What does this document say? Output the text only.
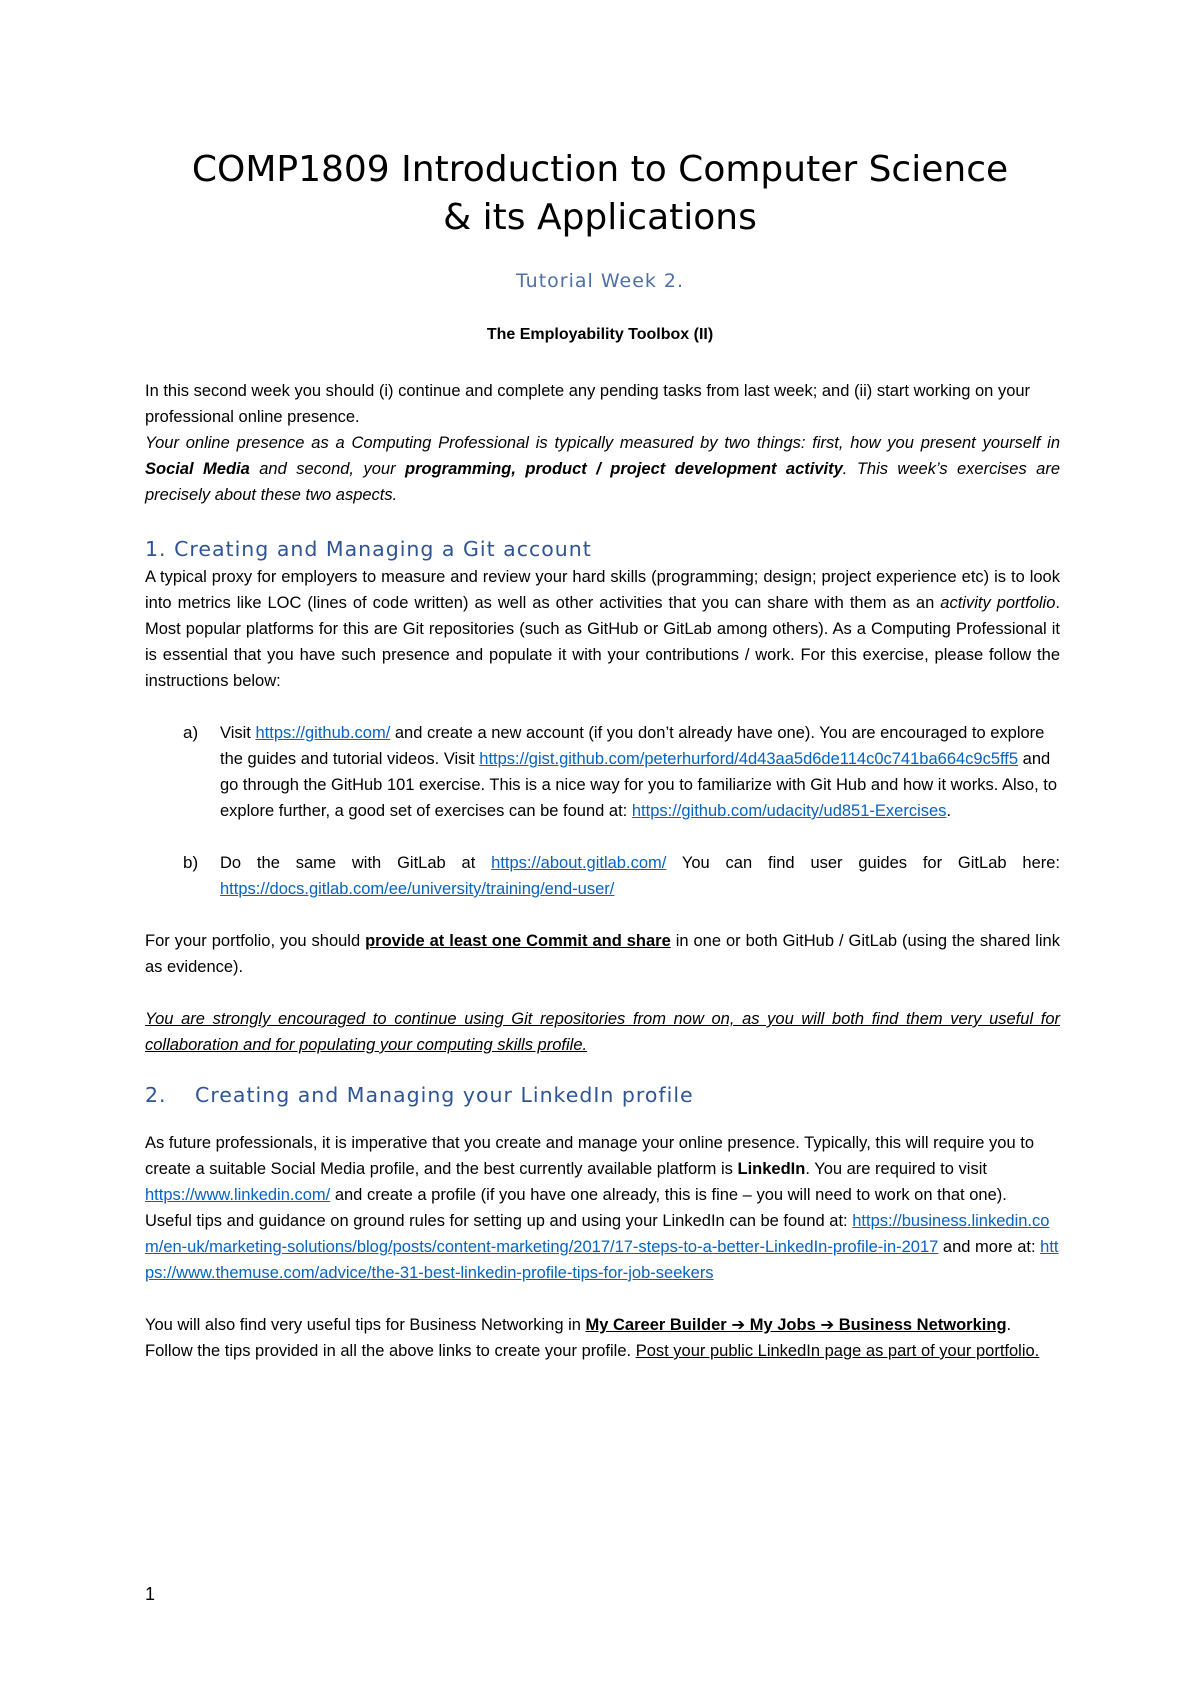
COMP1809 Introduction to Computer Science
& its Applications
Tutorial Week 2.
The Employability Toolbox (II)

In this second week you should (i) continue and complete any pending tasks from last week; and (ii) start working on your professional online presence.

Your online presence as a Computing Professional is typically measured by two things: first, how you present yourself in Social Media and second, your programming, product / project development activity. This week’s exercises are precisely about these two aspects.

1. Creating and Managing a Git account

A typical proxy for employers to measure and review your hard skills (programming; design; project experience etc) is to look into metrics like LOC (lines of code written) as well as other activities that you can share with them as an activity portfolio. Most popular platforms for this are Git repositories (such as GitHub or GitLab among others). As a Computing Professional it is essential that you have such presence and populate it with your contributions / work. For this exercise, please follow the instructions below:

a) Visit https://github.com/ and create a new account (if you don’t already have one). You are encouraged to explore the guides and tutorial videos. Visit https://gist.github.com/peterhurford/4d43aa5d6de114c0c741ba664c9c5ff5 and go through the GitHub 101 exercise. This is a nice way for you to familiarize with Git Hub and how it works. Also, to explore further, a good set of exercises can be found at: https://github.com/udacity/ud851-Exercises.
b) Do the same with GitLab at https://about.gitlab.com/ You can find user guides for GitLab here: https://docs.gitlab.com/ee/university/training/end-user/

For your portfolio, you should provide at least one Commit and share in one or both GitHub / GitLab (using the shared link as evidence).

You are strongly encouraged to continue using Git repositories from now on, as you will both find them very useful for collaboration and for populating your computing skills profile.

2. Creating and Managing your LinkedIn profile

As future professionals, it is imperative that you create and manage your online presence. Typically, this will require you to create a suitable Social Media profile, and the best currently available platform is LinkedIn. You are required to visit https://www.linkedin.com/ and create a profile (if you have one already, this is fine – you will need to work on that one).

Useful tips and guidance on ground rules for setting up and using your LinkedIn can be found at: https://business.linkedin.com/en-uk/marketing-solutions/blog/posts/content-marketing/2017/17-steps-to-a-better-LinkedIn-profile-in-2017 and more at: https://www.themuse.com/advice/the-31-best-linkedin-profile-tips-for-job-seekers

You will also find very useful tips for Business Networking in My Career Builder ➔ My Jobs ➔ Business Networking. Follow the tips provided in all the above links to create your profile. Post your public LinkedIn page as part of your portfolio.

1
